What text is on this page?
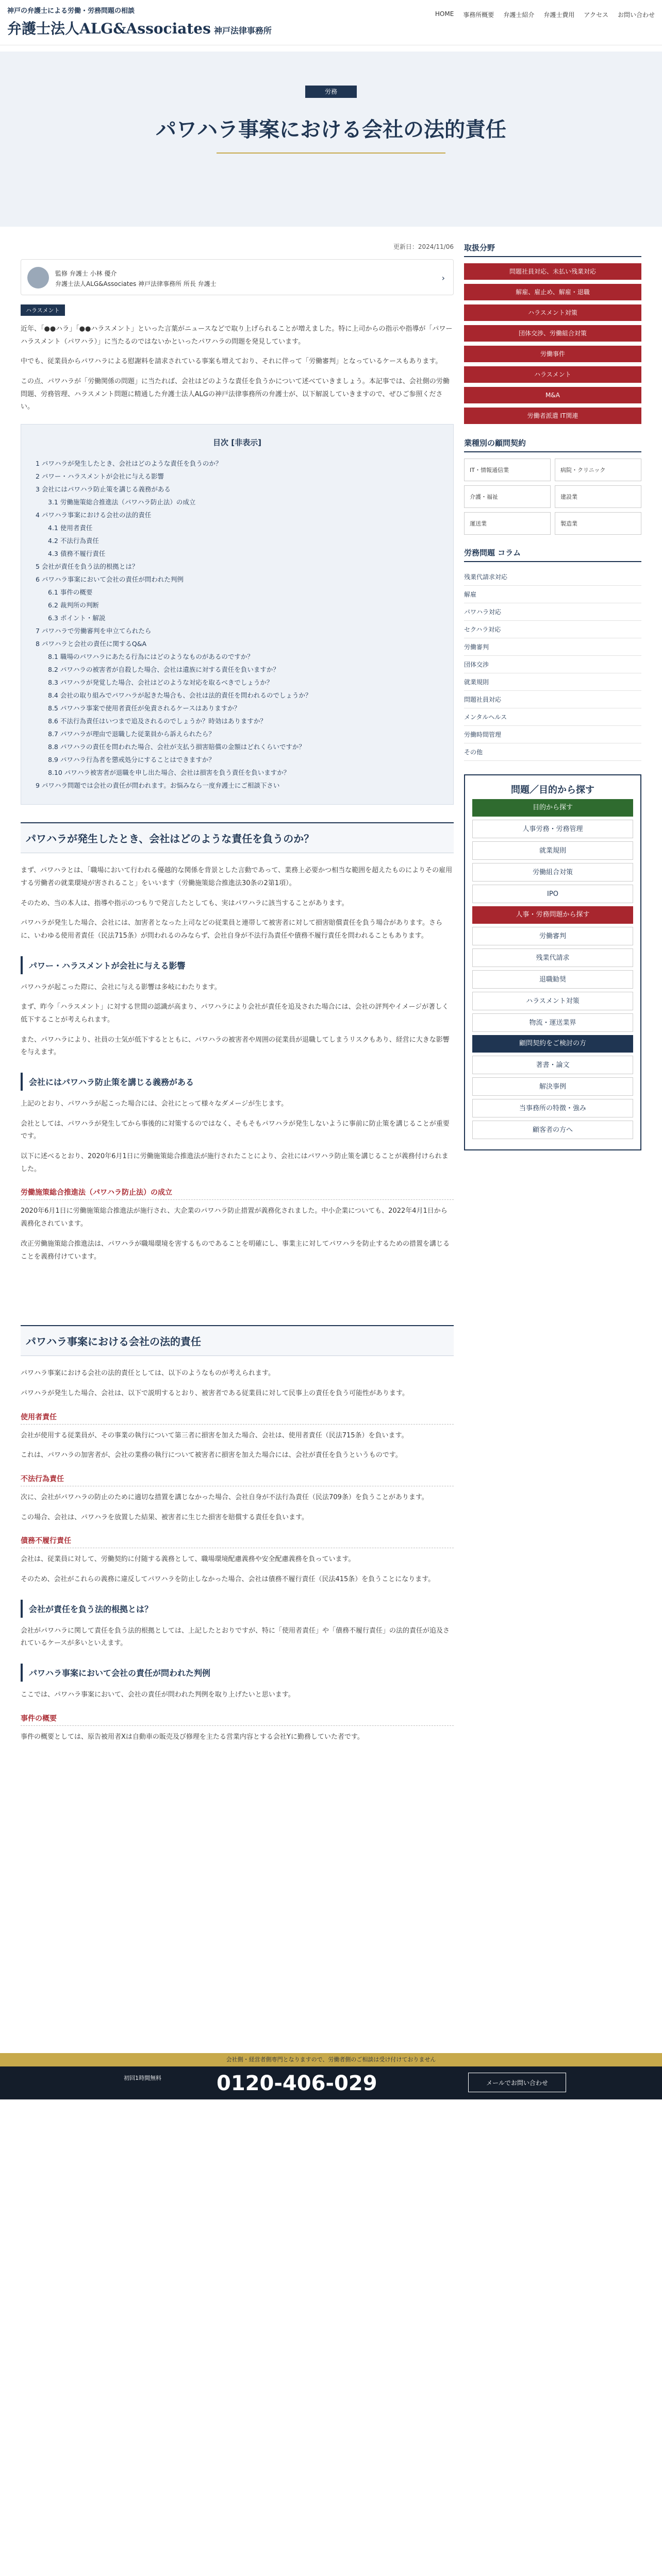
神戸の弁護士による労働・労務問題の相談
弁護士法人ALG&Associates 神戸法律事務所
HOME 事務所概要 弁護士紹介 弁護士費用 アクセス お問い合わせ
労務
パワハラ事案における会社の法的責任
更新日：2024/11/06
監修 弁護士 小林 優介
弁護士法人ALG&Associates 神戸法律事務所 所長 弁護士
›
ハラスメント

近年、「●●ハラ」「●●ハラスメント」といった言葉がニュースなどで取り上げられることが増えました。特に上司からの指示や指導が「パワーハラスメント（パワハラ）」に当たるのではないかといったパワハラの問題を発見しています。

中でも、従業員からパワハラによる慰謝料を請求されている事案も増えており、それに伴って「労働審判」となっているケースもあります。

この点、パワハラが「労働関係の問題」に当たれば、会社はどのような責任を負うかについて述べていきましょう。本記事では、会社側の労働問題、労務管理、ハラスメント問題に精通した弁護士法人ALGの神戸法律事務所の弁護士が、以下解説していきますので、ぜひご参照ください。

目次 [非表示]
1 パワハラが発生したとき、会社はどのような責任を負うのか？
2 パワー・ハラスメントが会社に与える影響
3 会社にはパワハラ防止策を講じる義務がある
3.1 労働施策総合推進法（パワハラ防止法）の成立
4 パワハラ事案における会社の法的責任
4.1 使用者責任
4.2 不法行為責任
4.3 債務不履行責任
5 会社が責任を負う法的根拠とは？
6 パワハラ事案において会社の責任が問われた判例
6.1 事件の概要
6.2 裁判所の判断
6.3 ポイント・解説
7 パワハラで労働審判を申立てられたら
8 パワハラと会社の責任に関するQ&A
8.1 職場のパワハラにあたる行為にはどのようなものがあるのですか？
8.2 パワハラの被害者が自殺した場合、会社は遺族に対する責任を負いますか？
8.3 パワハラが発覚した場合、会社はどのような対応を取るべきでしょうか？
8.4 会社の取り組みでパワハラが起きた場合も、会社は法的責任を問われるのでしょうか？
8.5 パワハラ事案で使用者責任が免責されるケースはありますか？
8.6 不法行為責任はいつまで追及されるのでしょうか？時効はありますか？
8.7 パワハラが理由で退職した従業員から訴えられたら？
8.8 パワハラの責任を問われた場合、会社が支払う損害賠償の金額はどれくらいですか？
8.9 パワハラ行為者を懲戒処分にすることはできますか？
8.10 パワハラ被害者が退職を申し出た場合、会社は損害を負う責任を負いますか？
9 パワハラ問題では会社の責任が問われます。お悩みなら一度弁護士にご相談下さい
パワハラが発生したとき、会社はどのような責任を負うのか？

まず、パワハラとは、「職場において行われる優越的な関係を背景とした言動であって、業務上必要かつ相当な範囲を超えたものによりその雇用する労働者の就業環境が害されること」をいいます（労働施策総合推進法30条の2第1項）。

そのため、当の本人は、指導や指示のつもりで発言したとしても、実はパワハラに該当することがあります。

パワハラが発生した場合、会社には、加害者となった上司などの従業員と連帯して被害者に対して損害賠償責任を負う場合があります。さらに、いわゆる使用者責任（民法715条）が問われるのみならず、会社自身が不法行為責任や債務不履行責任を問われることもあります。

パワー・ハラスメントが会社に与える影響

パワハラが起こった際に、会社に与える影響は多岐にわたります。

まず、昨今「ハラスメント」に対する世間の認識が高まり、パワハラにより会社が責任を追及された場合には、会社の評判やイメージが著しく低下することが考えられます。

また、パワハラにより、社員の士気が低下するとともに、パワハラの被害者や周囲の従業員が退職してしまうリスクもあり、経営に大きな影響を与えます。

会社にはパワハラ防止策を講じる義務がある

上記のとおり、パワハラが起こった場合には、会社にとって様々なダメージが生じます。

会社としては、パワハラが発生してから事後的に対策するのではなく、そもそもパワハラが発生しないように事前に防止策を講じることが重要です。

以下に述べるとおり、2020年6月1日に労働施策総合推進法が施行されたことにより、会社にはパワハラ防止策を講じることが義務付けられました。

労働施策総合推進法（パワハラ防止法）の成立

2020年6月1日に労働施策総合推進法が施行され、大企業のパワハラ防止措置が義務化されました。中小企業についても、2022年4月1日から義務化されています。

改正労働施策総合推進法は、パワハラが職場環境を害するものであることを明確にし、事業主に対してパワハラを防止するための措置を講じることを義務付けています。

パワハラ事案における会社の法的責任

パワハラ事案における会社の法的責任としては、以下のようなものが考えられます。

パワハラが発生した場合、会社は、以下で説明するとおり、被害者である従業員に対して民事上の責任を負う可能性があります。

使用者責任

会社が使用する従業員が、その事業の執行について第三者に損害を加えた場合、会社は、使用者責任（民法715条）を負います。

これは、パワハラの加害者が、会社の業務の執行について被害者に損害を加えた場合には、会社が責任を負うというものです。

不法行為責任

次に、会社がパワハラの防止のために適切な措置を講じなかった場合、会社自身が不法行為責任（民法709条）を負うことがあります。

この場合、会社は、パワハラを放置した結果、被害者に生じた損害を賠償する責任を負います。

債務不履行責任

会社は、従業員に対して、労働契約に付随する義務として、職場環境配慮義務や安全配慮義務を負っています。

そのため、会社がこれらの義務に違反してパワハラを防止しなかった場合、会社は債務不履行責任（民法415条）を負うことになります。

会社が責任を負う法的根拠とは？

会社がパワハラに関して責任を負う法的根拠としては、上記したとおりですが、特に「使用者責任」や「債務不履行責任」の法的責任が追及されているケースが多いといえます。

パワハラ事案において会社の責任が問われた判例

ここでは、パワハラ事案において、会社の責任が問われた判例を取り上げたいと思います。

事件の概要

事件の概要としては、原告被用者Xは自動車の販売及び修理を主たる営業内容とする会社Yに勤務していた者です。

取扱分野
問題社員対応、未払い残業対応
解雇、雇止め、解雇・退職
ハラスメント対策
団体交渉、労働組合対策
労働事件
ハラスメント
M&A
労働者派遣 IT関連
業種別の顧問契約
IT・情報通信業	病院・クリニック
介護・福祉	建設業
運送業	製造業
労務問題 コラム
残業代請求対応
解雇
パワハラ対応
セクハラ対応
労働審判
団体交渉
就業規則
問題社員対応
メンタルヘルス
労働時間管理
その他
問題／目的から探す
目的から探す
人事労務・労務管理
就業規則
労働組合対策
IPO
人事・労務問題から探す
労働審判
残業代請求
退職勧奨
ハラスメント対策
物流・運送業界
顧問契約をご検討の方
著書・論文
解決事例
当事務所の特徴・強み
顧客者の方へ
会社側・経営者側専門となりますので、労働者側のご相談は受け付けておりません
初回1時間無料	0120-406-029	メールでお問い合わせ
